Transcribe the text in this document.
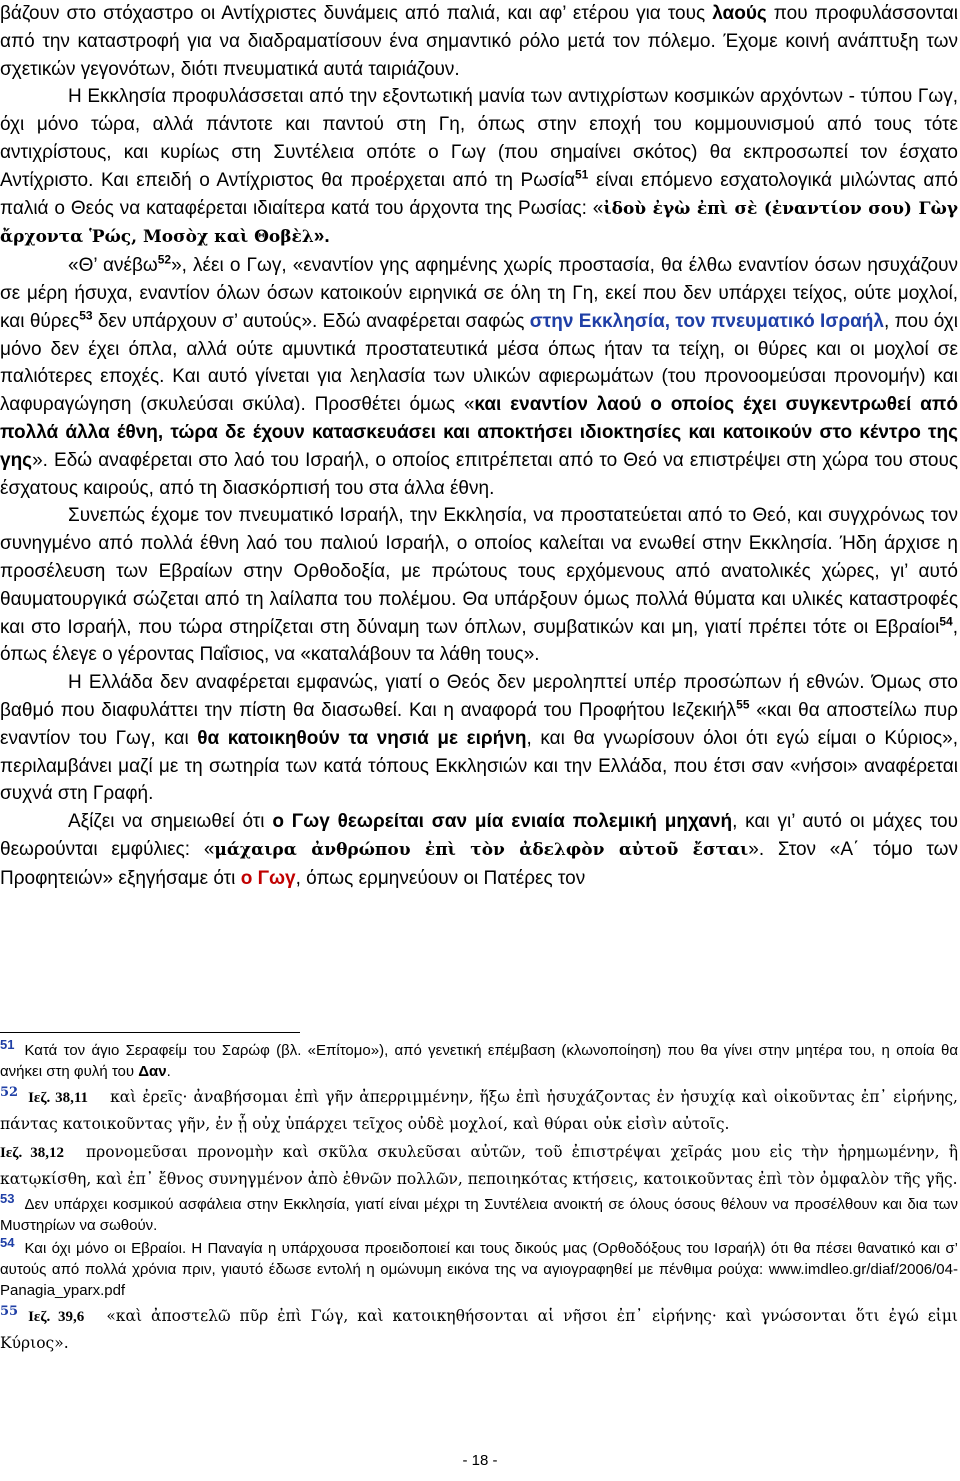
βάζουν στο στόχαστρο οι Αντίχριστες δυνάμεις από παλιά, και αφ’ ετέρου για τους λαούς που προφυλάσσονται από την καταστροφή για να διαδραματίσουν ένα σημαντικό ρόλο μετά τον πόλεμο. Έχομε κοινή ανάπτυξη των σχετικών γεγονότων, διότι πνευματικά αυτά ταιριάζουν.

Η Εκκλησία προφυλάσσεται από την εξοντωτική μανία των αντιχρίστων κοσμικών αρχόντων - τύπου Γωγ, όχι μόνο τώρα, αλλά πάντοτε και παντού στη Γη, όπως στην εποχή του κομμουνισμού από τους τότε αντιχρίστους, και κυρίως στη Συντέλεια οπότε ο Γωγ (που σημαίνει σκότος) θα εκπροσωπεί τον έσχατο Αντίχριστο. Και επειδή ο Αντίχριστος θα προέρχεται από τη Ρωσία$^{51}$ είναι επόμενο εσχατολογικά μιλώντας από παλιά ο Θεός να καταφέρεται ιδιαίτερα κατά του άρχοντα της Ρωσίας: «ἰδοὺ ἐγὼ ἐπὶ σὲ (ἐναντίον σου) Γὼγ ἄρχοντα Ῥώς, Μοσὸχ καὶ Θοβὲλ».

«Θ’ ανέβω$^{52}$», λέει ο Γωγ, «εναντίον γης αφημένης χωρίς προστασία, θα έλθω εναντίον όσων ησυχάζουν σε μέρη ήσυχα, εναντίον όλων όσων κατοικούν ειρηνικά σε όλη τη Γη, εκεί που δεν υπάρχει τείχος, ούτε μοχλοί, και θύρες$^{53}$ δεν υπάρχουν σ’ αυτούς». Εδώ αναφέρεται σαφώς στην Εκκλησία, τον πνευματικό Ισραήλ, που όχι μόνο δεν έχει όπλα, αλλά ούτε αμυντικά προστατευτικά μέσα όπως ήταν τα τείχη, οι θύρες και οι μοχλοί σε παλιότερες εποχές. Και αυτό γίνεται για λεηλασία των υλικών αφιερωμάτων (του προνοομεύσαι προνομήν) και λαφυραγώγηση (σκυλεύσαι σκύλα). Προσθέτει όμως «και εναντίον λαού ο οποίος έχει συγκεντρωθεί από πολλά άλλα έθνη, τώρα δε έχουν κατασκευάσει και αποκτήσει ιδιοκτησίες και κατοικούν στο κέντρο της γης». Εδώ αναφέρεται στο λαό του Ισραήλ, ο οποίος επιτρέπεται από το Θεό να επιστρέψει στη χώρα του στους έσχατους καιρούς, από τη διασκόρπισή του στα άλλα έθνη.

Συνεπώς έχομε τον πνευματικό Ισραήλ, την Εκκλησία, να προστατεύεται από το Θεό, και συγχρόνως τον συνηγμένο από πολλά έθνη λαό του παλιού Ισραήλ, ο οποίος καλείται να ενωθεί στην Εκκλησία. Ήδη άρχισε η προσέλευση των Εβραίων στην Ορθοδοξία, με πρώτους τους ερχόμενους από ανατολικές χώρες, γι’ αυτό θαυματουργικά σώζεται από τη λαίλαπα του πολέμου. Θα υπάρξουν όμως πολλά θύματα και υλικές καταστροφές και στο Ισραήλ, που τώρα στηρίζεται στη δύναμη των όπλων, συμβατικών και μη, γιατί πρέπει τότε οι Εβραίοι$^{54}$, όπως έλεγε ο γέροντας Παΐσιος, να «καταλάβουν τα λάθη τους».

Η Ελλάδα δεν αναφέρεται εμφανώς, γιατί ο Θεός δεν μεροληπτεί υπέρ προσώπων ή εθνών. Όμως στο βαθμό που διαφυλάττει την πίστη θα διασωθεί. Και η αναφορά του Προφήτου Ιεζεκιήλ$^{55}$ «και θα αποστείλω πυρ εναντίον του Γωγ, και θα κατοικηθούν τα νησιά με ειρήνη, και θα γνωρίσουν όλοι ότι εγώ είμαι ο Κύριος», περιλαμβάνει μαζί με τη σωτηρία των κατά τόπους Εκκλησιών και την Ελλάδα, που έτσι σαν «νήσοι» αναφέρεται συχνά στη Γραφή.

Αξίζει να σημειωθεί ότι ο Γωγ θεωρείται σαν μία ενιαία πολεμική μηχανή, και γι’ αυτό οι μάχες του θεωρούνται εμφύλιες: «μάχαιρα ἀνθρώπου ἐπὶ τὸν ἀδελφὸν αὐτοῦ ἔσται». Στον «Α΄ τόμο των Προφητειών» εξηγήσαμε ότι ο Γωγ, όπως ερμηνεύουν οι Πατέρες τον

51 Κατά τον άγιο Σεραφείμ του Σαρώφ (βλ. «Επίτομο»), από γενετική επέμβαση (κλωνοποίηση) που θα γίνει στην μητέρα του, η οποία θα ανήκει στη φυλή του Δαν.

$^{52}$ Ιεζ. 38,11 καὶ ἐρεῖς· ἀναβήσομαι ἐπὶ γῆν ἀπερριμμένην, ἥξω ἐπὶ ἡσυχάζοντας ἐν ἡσυχίᾳ καὶ οἰκοῦντας ἐπ᾽ εἰρήνης, πάντας κατοικοῦντας γῆν, ἐν ᾗ οὐχ ὑπάρχει τεῖχος οὐδὲ μοχλοί, καὶ θύραι οὐκ εἰσὶν αὐτοῖς.

Ιεζ. 38,12 προνομεῦσαι προνομὴν καὶ σκῦλα σκυλεῦσαι αὐτῶν, τοῦ ἐπιστρέψαι χεῖράς μου εἰς τὴν ἠρημωμένην, ἣ κατῳκίσθη, καὶ ἐπ᾽ ἔθνος συνηγμένον ἀπὸ ἐθνῶν πολλῶν, πεποιηκότας κτήσεις, κατοικοῦντας ἐπὶ τὸν ὀμφαλὸν τῆς γῆς.

53 Δεν υπάρχει κοσμικού ασφάλεια στην Εκκλησία, γιατί είναι μέχρι τη Συντέλεια ανοικτή σε όλους όσους θέλουν να προσέλθουν και δια των Μυστηρίων να σωθούν.

54 Και όχι μόνο οι Εβραίοι. Η Παναγία η υπάρχουσα προειδοποιεί και τους δικούς μας (Ορθοδόξους του Ισραήλ) ότι θα πέσει θανατικό και σ’ αυτούς από πολλά χρόνια πριν, γιαυτό έδωσε εντολή η ομώνυμη εικόνα της να αγιογραφηθεί με πένθιμα ρούχα: www.imdleo.gr/diaf/2006/04-Panagia_yparx.pdf

$^{55}$ Ιεζ. 39,6 «καὶ ἀποστελῶ πῦρ ἐπὶ Γώγ, καὶ κατοικηθήσονται αἱ νῆσοι ἐπ᾽ εἰρήνης· καὶ γνώσονται ὅτι ἐγώ εἰμι Κύριος».

- 18 -
